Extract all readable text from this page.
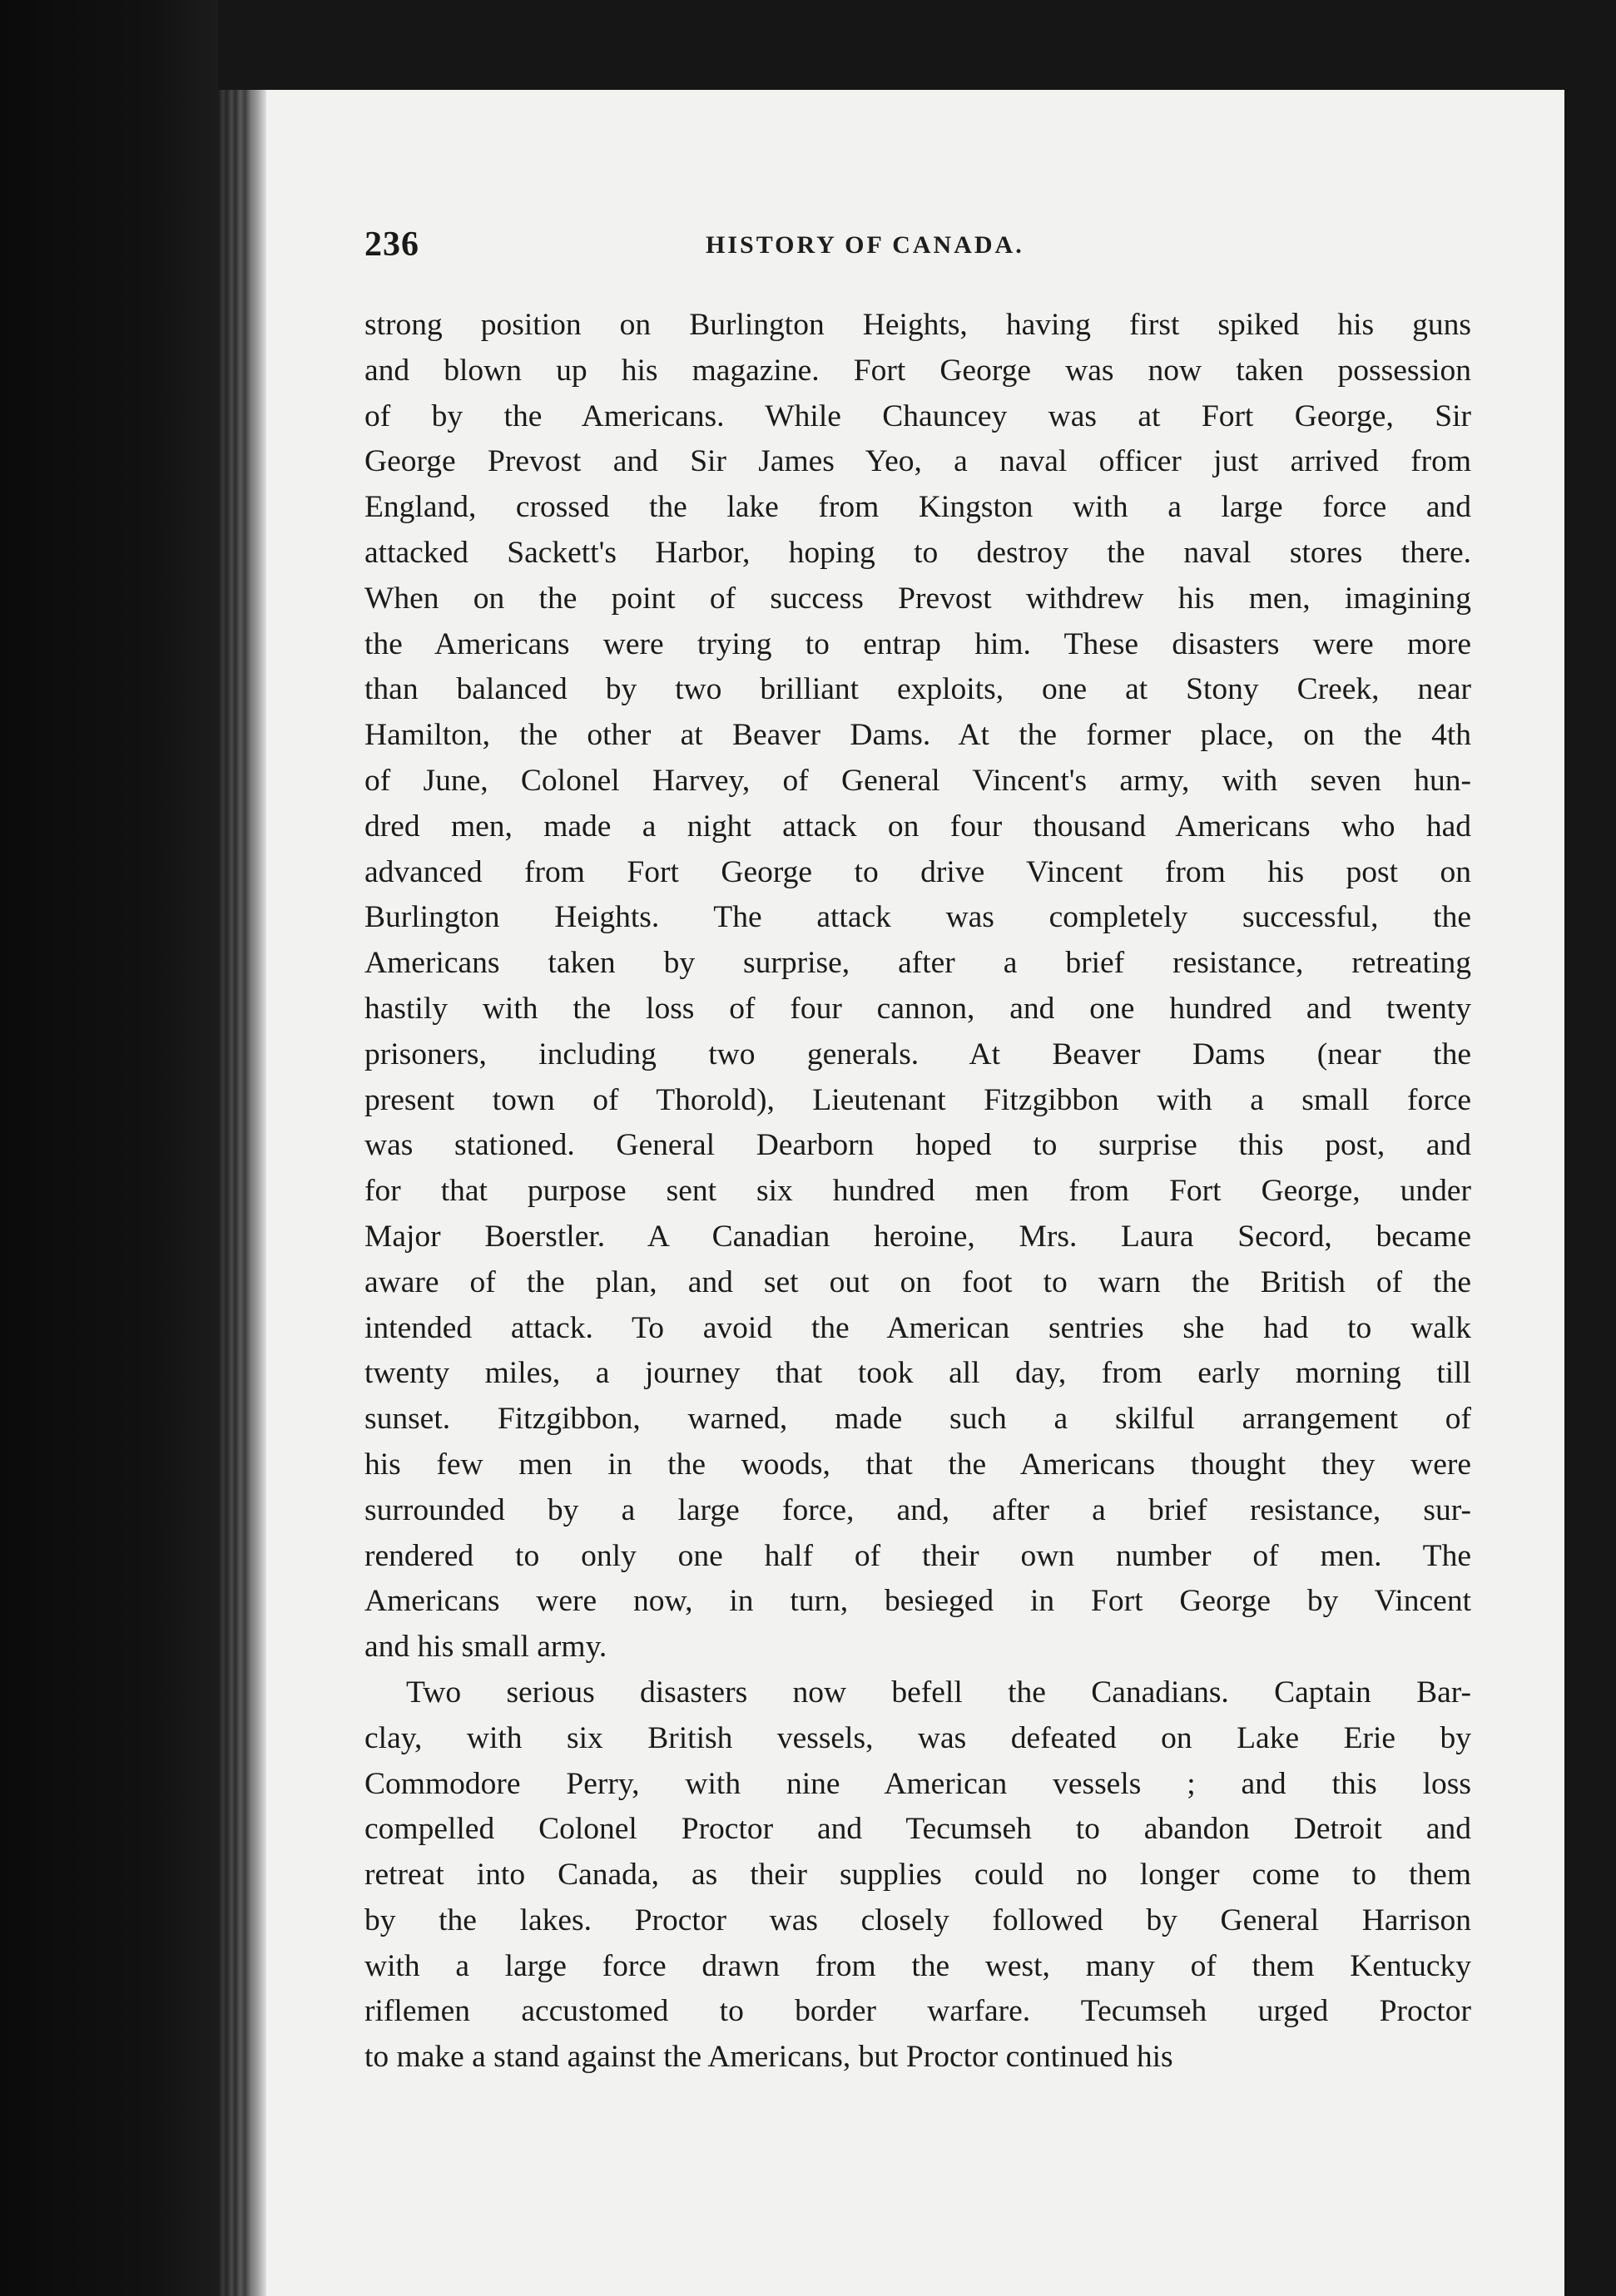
236	HISTORY OF CANADA.
strong position on Burlington Heights, having first spiked his guns
and blown up his magazine. Fort George was now taken possession
of by the Americans. While Chauncey was at Fort George, Sir
George Prevost and Sir James Yeo, a naval officer just arrived from
England, crossed the lake from Kingston with a large force and
attacked Sackett's Harbor, hoping to destroy the naval stores there.
When on the point of success Prevost withdrew his men, imagining
the Americans were trying to entrap him. These disasters were more
than balanced by two brilliant exploits, one at Stony Creek, near
Hamilton, the other at Beaver Dams. At the former place, on the 4th
of June, Colonel Harvey, of General Vincent's army, with seven hun-
dred men, made a night attack on four thousand Americans who had
advanced from Fort George to drive Vincent from his post on
Burlington Heights. The attack was completely successful, the
Americans taken by surprise, after a brief resistance, retreating
hastily with the loss of four cannon, and one hundred and twenty
prisoners, including two generals. At Beaver Dams (near the
present town of Thorold), Lieutenant Fitzgibbon with a small force
was stationed. General Dearborn hoped to surprise this post, and
for that purpose sent six hundred men from Fort George, under
Major Boerstler. A Canadian heroine, Mrs. Laura Secord, became
aware of the plan, and set out on foot to warn the British of the
intended attack. To avoid the American sentries she had to walk
twenty miles, a journey that took all day, from early morning till
sunset. Fitzgibbon, warned, made such a skilful arrangement of
his few men in the woods, that the Americans thought they were
surrounded by a large force, and, after a brief resistance, sur-
rendered to only one half of their own number of men. The
Americans were now, in turn, besieged in Fort George by Vincent
and his small army.
Two serious disasters now befell the Canadians. Captain Bar-
clay, with six British vessels, was defeated on Lake Erie by
Commodore Perry, with nine American vessels ; and this loss
compelled Colonel Proctor and Tecumseh to abandon Detroit and
retreat into Canada, as their supplies could no longer come to them
by the lakes. Proctor was closely followed by General Harrison
with a large force drawn from the west, many of them Kentucky
riflemen accustomed to border warfare. Tecumseh urged Proctor
to make a stand against the Americans, but Proctor continued his
